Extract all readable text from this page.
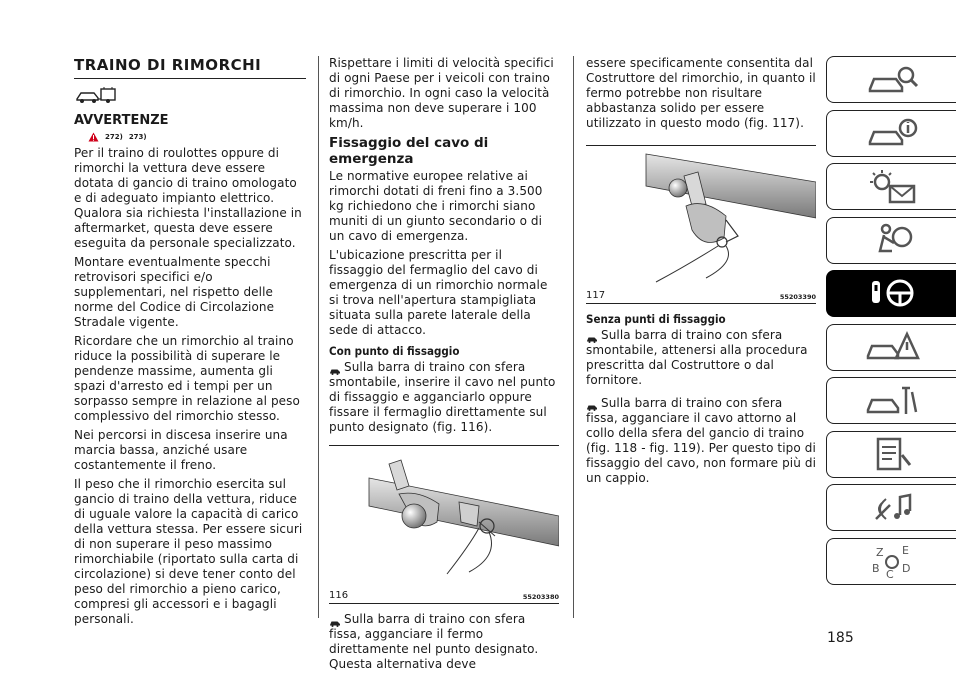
TRAINO DI RIMORCHI
AVVERTENZE
272) 273)

Per il traino di roulottes oppure di rimorchi la vettura deve essere dotata di gancio di traino omologato e di adeguato impianto elettrico. Qualora sia richiesta l'installazione in aftermarket, questa deve essere eseguita da personale specializzato.

Montare eventualmente specchi retrovisori specifici e/o supplementari, nel rispetto delle norme del Codice di Circolazione Stradale vigente.

Ricordare che un rimorchio al traino riduce la possibilità di superare le pendenze massime, aumenta gli spazi d'arresto ed i tempi per un sorpasso sempre in relazione al peso complessivo del rimorchio stesso.

Nei percorsi in discesa inserire una marcia bassa, anziché usare costantemente il freno.

Il peso che il rimorchio esercita sul gancio di traino della vettura, riduce di uguale valore la capacità di carico della vettura stessa. Per essere sicuri di non superare il peso massimo rimorchiabile (riportato sulla carta di circolazione) si deve tener conto del peso del rimorchio a pieno carico, compresi gli accessori e i bagagli personali.

Rispettare i limiti di velocità specifici di ogni Paese per i veicoli con traino di rimorchio. In ogni caso la velocità massima non deve superare i 100 km/h.

Fissaggio del cavo di emergenza

Le normative europee relative ai rimorchi dotati di freni fino a 3.500 kg richiedono che i rimorchi siano muniti di un giunto secondario o di un cavo di emergenza.

L'ubicazione prescritta per il fissaggio del fermaglio del cavo di emergenza di un rimorchio normale si trova nell'apertura stampigliata situata sulla parete laterale della sede di attacco.

Con punto di fissaggio

Sulla barra di traino con sfera smontabile, inserire il cavo nel punto di fissaggio e agganciarlo oppure fissare il fermaglio direttamente sul punto designato (fig. 116).

116	55203380

Sulla barra di traino con sfera fissa, agganciare il fermo direttamente nel punto designato. Questa alternativa deve

essere specificamente consentita dal Costruttore del rimorchio, in quanto il fermo potrebbe non risultare abbastanza solido per essere utilizzato in questo modo (fig. 117).

117	55203390
Senza punti di fissaggio

Sulla barra di traino con sfera smontabile, attenersi alla procedura prescritta dal Costruttore o dal fornitore.

Sulla barra di traino con sfera fissa, agganciare il cavo attorno al collo della sfera del gancio di traino (fig. 118 - fig. 119). Per questo tipo di fissaggio del cavo, non formare più di un cappio.

Z E
B D
C
185
